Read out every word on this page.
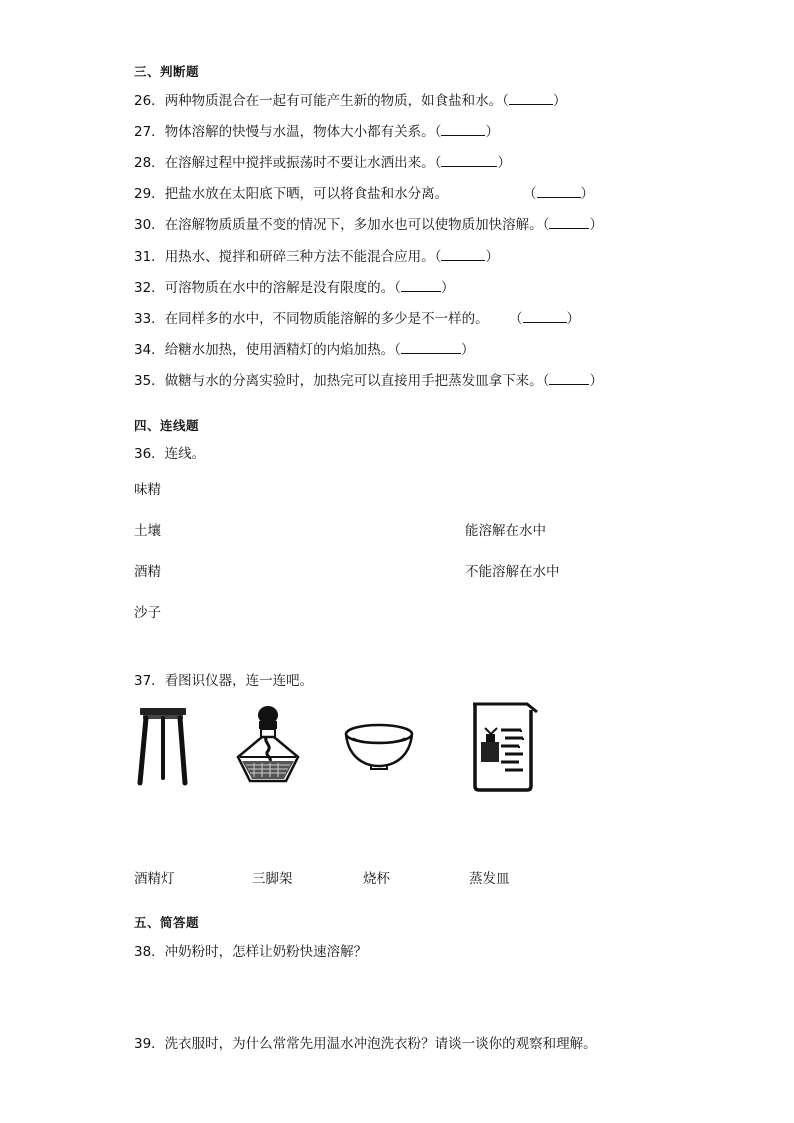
三、判断题
26．两种物质混合在一起有可能产生新的物质，如食盐和水。（	）
27．物体溶解的快慢与水温，物体大小都有关系。（	）
28．在溶解过程中搅拌或振荡时不要让水洒出来。（	）
29．把盐水放在太阳底下晒，可以将食盐和水分离。	（	）
30．在溶解物质质量不变的情况下，多加水也可以使物质加快溶解。（	）
31．用热水、搅拌和研碎三种方法不能混合应用。（	）
32．可溶物质在水中的溶解是没有限度的。（	）
33．在同样多的水中，不同物质能溶解的多少是不一样的。 （	）
34．给糖水加热，使用酒精灯的内焰加热。（	）
35．做糖与水的分离实验时，加热完可以直接用手把蒸发皿拿下来。（	）
四、连线题
36．连线。
味精
土壤
酒精
沙子
能溶解在水中
不能溶解在水中
37．看图识仪器，连一连吧。
酒精灯	三脚架	烧杯	蒸发皿
五、简答题
38．冲奶粉时，怎样让奶粉快速溶解？
39．洗衣服时，为什么常常先用温水冲泡洗衣粉？请谈一谈你的观察和理解。
